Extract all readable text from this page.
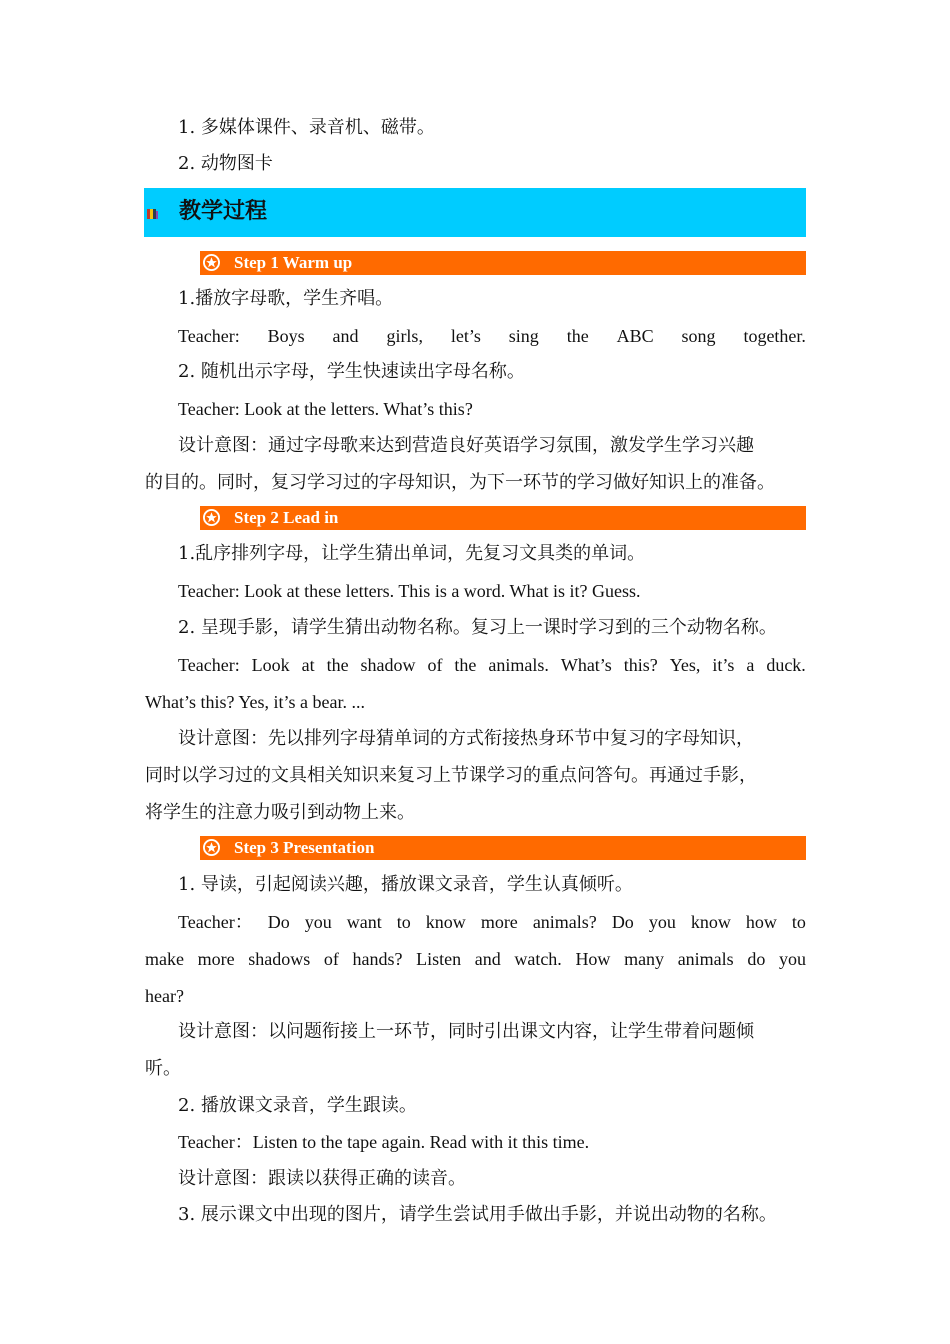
1. 多媒体课件、录音机、磁带。
2. 动物图卡
教学过程
Step 1 Warm up
1.播放字母歌，学生齐唱。
Teacher: Boys and girls, let’s sing the ABC song together.
2. 随机出示字母，学生快速读出字母名称。
Teacher: Look at the letters. What’s this?
设计意图：通过字母歌来达到营造良好英语学习氛围，激发学生学习兴趣
的目的。同时，复习学习过的字母知识，为下一环节的学习做好知识上的准备。
Step 2 Lead in
1.乱序排列字母，让学生猜出单词，先复习文具类的单词。
Teacher: Look at these letters. This is a word. What is it? Guess.
2. 呈现手影，请学生猜出动物名称。复习上一课时学习到的三个动物名称。
Teacher: Look at the shadow of the animals. What’s this? Yes, it’s a duck.
What’s this? Yes, it’s a bear. ...
设计意图：先以排列字母猜单词的方式衔接热身环节中复习的字母知识，
同时以学习过的文具相关知识来复习上节课学习的重点问答句。再通过手影，
将学生的注意力吸引到动物上来。
Step 3 Presentation
1. 导读，引起阅读兴趣，播放课文录音，学生认真倾听。
Teacher： Do you want to know more animals? Do you know how to
make more shadows of hands? Listen and watch. How many animals do you
hear?
设计意图：以问题衔接上一环节，同时引出课文内容，让学生带着问题倾
听。
2. 播放课文录音，学生跟读。
Teacher：Listen to the tape again. Read with it this time.
设计意图：跟读以获得正确的读音。
3. 展示课文中出现的图片，请学生尝试用手做出手影，并说出动物的名称。
